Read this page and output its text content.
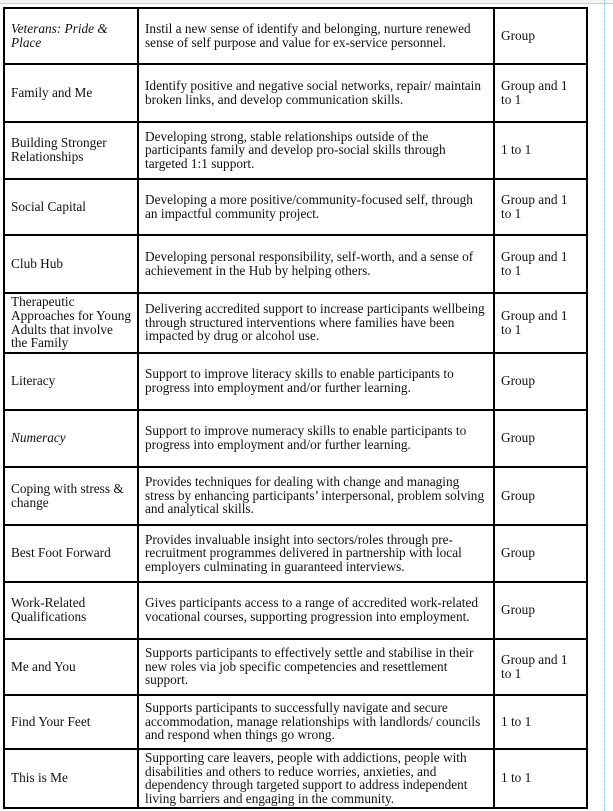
Veterans: Pride & Place	Instil a new sense of identify and belonging, nurture renewed sense of self purpose and value for ex-service personnel.	Group
Family and Me	Identify positive and negative social networks, repair/ maintain broken links, and develop communication skills.	Group and 1 to 1
Building Stronger Relationships	Developing strong, stable relationships outside of the participants family and develop pro-social skills through targeted 1:1 support.	1 to 1
Social Capital	Developing a more positive/community-focused self, through an impactful community project.	Group and 1 to 1
Club Hub	Developing personal responsibility, self-worth, and a sense of achievement in the Hub by helping others.	Group and 1 to 1
Therapeutic Approaches for Young Adults that involve the Family	Delivering accredited support to increase participants wellbeing through structured interventions where families have been impacted by drug or alcohol use.	Group and 1 to 1
Literacy	Support to improve literacy skills to enable participants to progress into employment and/or further learning.	Group
Numeracy	Support to improve numeracy skills to enable participants to progress into employment and/or further learning.	Group
Coping with stress & change	Provides techniques for dealing with change and managing stress by enhancing participants’ interpersonal, problem solving and analytical skills.	Group
Best Foot Forward	Provides invaluable insight into sectors/roles through pre-recruitment programmes delivered in partnership with local employers culminating in guaranteed interviews.	Group
Work-Related Qualifications	Gives participants access to a range of accredited work-related vocational courses, supporting progression into employment.	Group
Me and You	Supports participants to effectively settle and stabilise in their new roles via job specific competencies and resettlement support.	Group and 1 to 1
Find Your Feet	Supports participants to successfully navigate and secure accommodation, manage relationships with landlords/ councils and respond when things go wrong.	1 to 1
This is Me	Supporting care leavers, people with addictions, people with disabilities and others to reduce worries, anxieties, and dependency through targeted support to address independent living barriers and engaging in the community.	1 to 1
